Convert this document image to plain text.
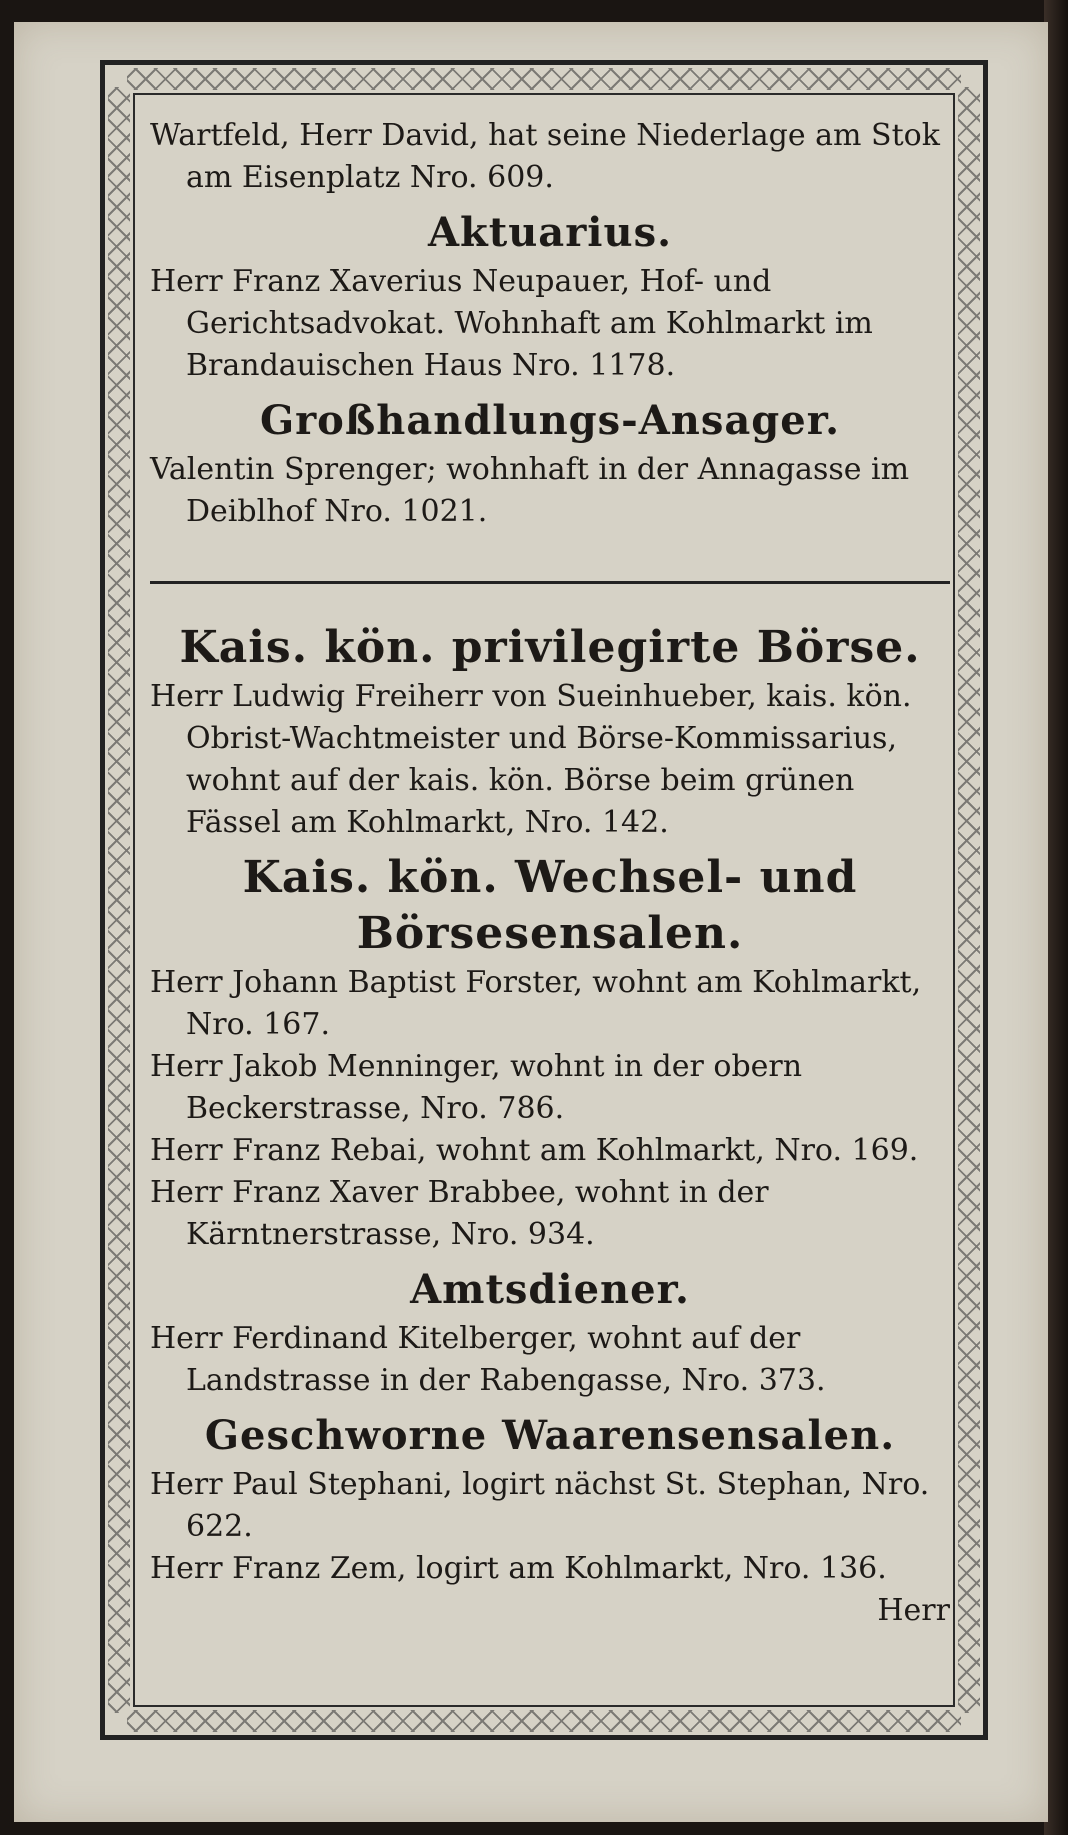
Wartfeld, Herr David, hat seine Niederlage am Stok am Eisenplatz Nro. 609.

Aktuarius.

Herr Franz Xaverius Neupauer, Hof- und Gerichtsadvokat. Wohnhaft am Kohlmarkt im Brandauischen Haus Nro. 1178.

Großhandlungs-Ansager.

Valentin Sprenger; wohnhaft in der Annagasse im Deiblhof Nro. 1021.

Kais. kön. privilegirte Börse.

Herr Ludwig Freiherr von Sueinhueber, kais. kön. Obrist-Wachtmeister und Börse-Kommissarius, wohnt auf der kais. kön. Börse beim grünen Fässel am Kohlmarkt, Nro. 142.

Kais. kön. Wechsel- und Börsesensalen.

Herr Johann Baptist Forster, wohnt am Kohlmarkt, Nro. 167.

Herr Jakob Menninger, wohnt in der obern Beckerstrasse, Nro. 786.

Herr Franz Rebai, wohnt am Kohlmarkt, Nro. 169.

Herr Franz Xaver Brabbee, wohnt in der Kärntnerstrasse, Nro. 934.

Amtsdiener.

Herr Ferdinand Kitelberger, wohnt auf der Landstrasse in der Rabengasse, Nro. 373.

Geschworne Waarensensalen.

Herr Paul Stephani, logirt nächst St. Stephan, Nro. 622.

Herr Franz Zem, logirt am Kohlmarkt, Nro. 136.

Herr
